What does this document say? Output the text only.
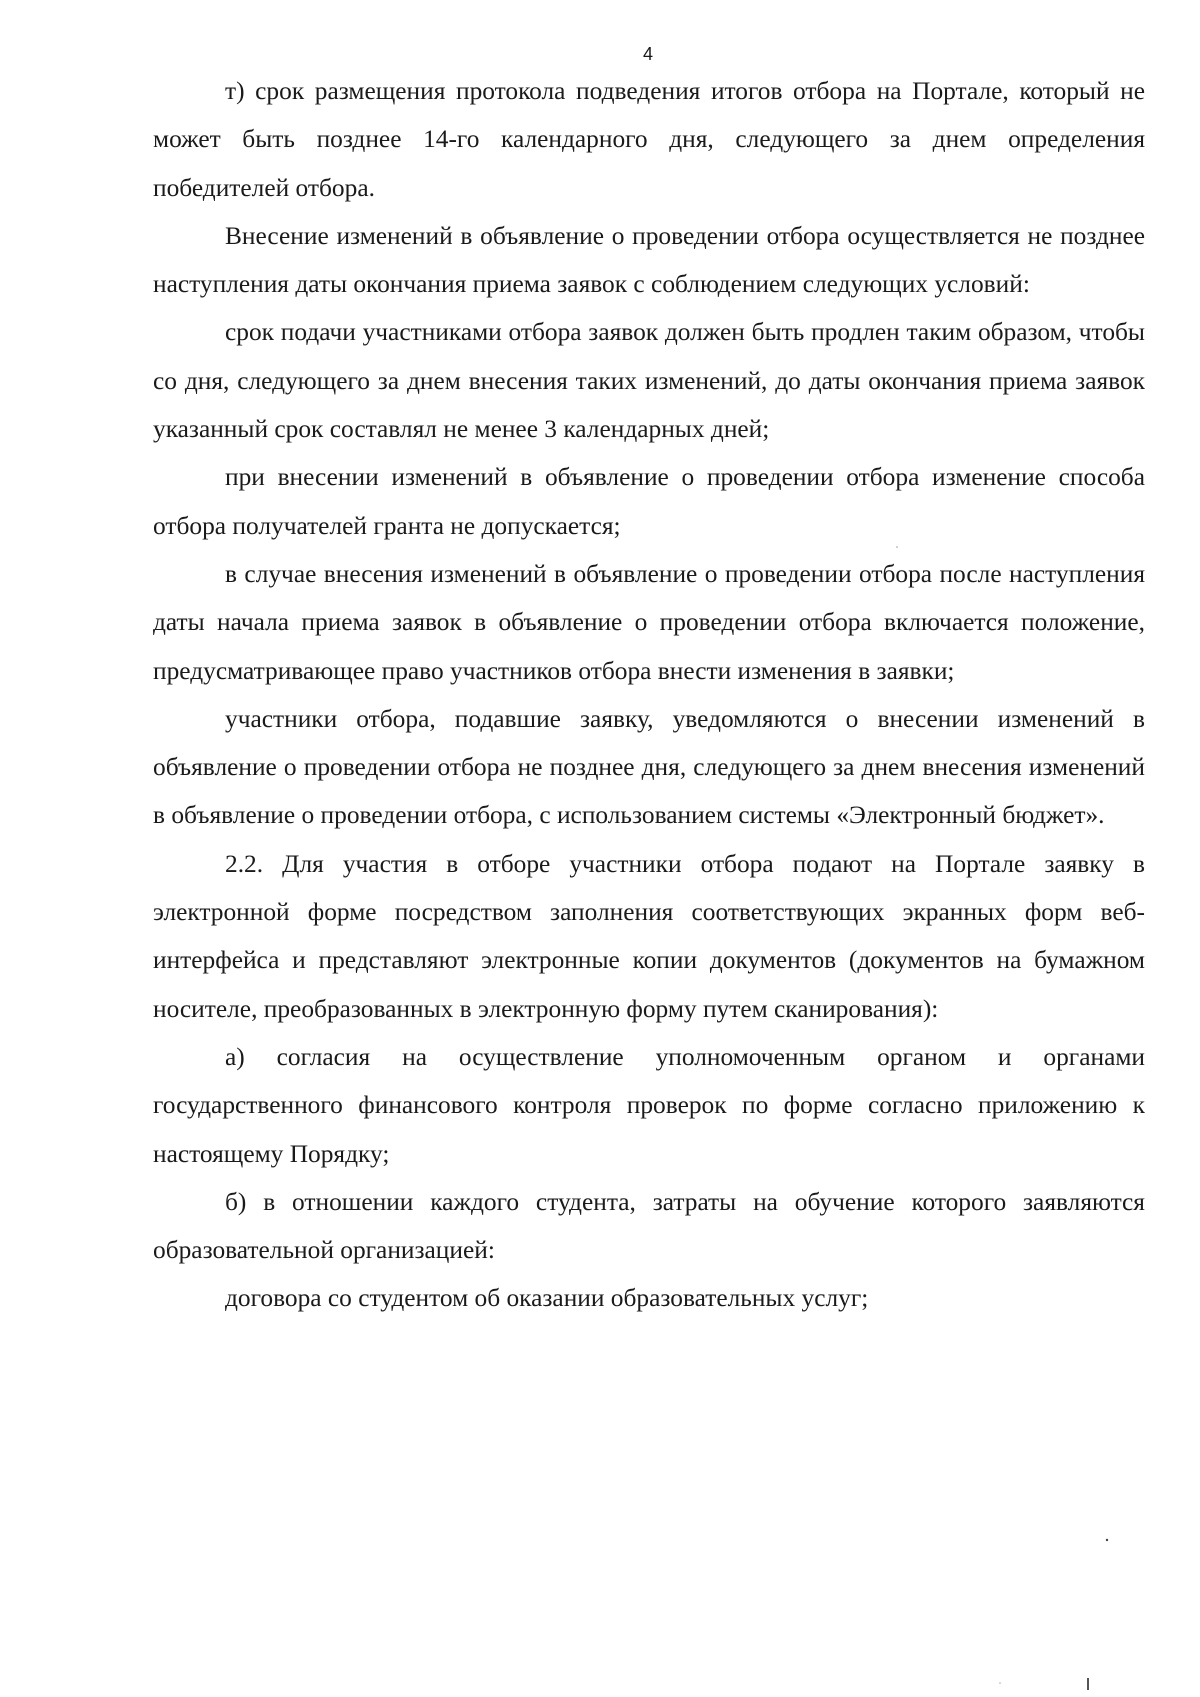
4

т) срок размещения протокола подведения итогов отбора на Портале, который не может быть позднее 14-го календарного дня, следующего за днем определения победителей отбора.

Внесение изменений в объявление о проведении отбора осуществляется не позднее наступления даты окончания приема заявок с соблюдением следующих условий:

срок подачи участниками отбора заявок должен быть продлен таким образом, чтобы со дня, следующего за днем внесения таких изменений, до даты окончания приема заявок указанный срок составлял не менее 3 календарных дней;

при внесении изменений в объявление о проведении отбора изменение способа отбора получателей гранта не допускается;

в случае внесения изменений в объявление о проведении отбора после наступления даты начала приема заявок в объявление о проведении отбора включается положение, предусматривающее право участников отбора внести изменения в заявки;

участники отбора, подавшие заявку, уведомляются о внесении изменений в объявление о проведении отбора не позднее дня, следующего за днем внесения изменений в объявление о проведении отбора, с использованием системы «Электронный бюджет».

2.2. Для участия в отборе участники отбора подают на Портале заявку в электронной форме посредством заполнения соответствующих экранных форм веб-интерфейса и представляют электронные копии документов (документов на бумажном носителе, преобразованных в электронную форму путем сканирования):

а) согласия на осуществление уполномоченным органом и органами государственного финансового контроля проверок по форме согласно приложению к настоящему Порядку;

б) в отношении каждого студента, затраты на обучение которого заявляются образовательной организацией:

договора со студентом об оказании образовательных услуг;
